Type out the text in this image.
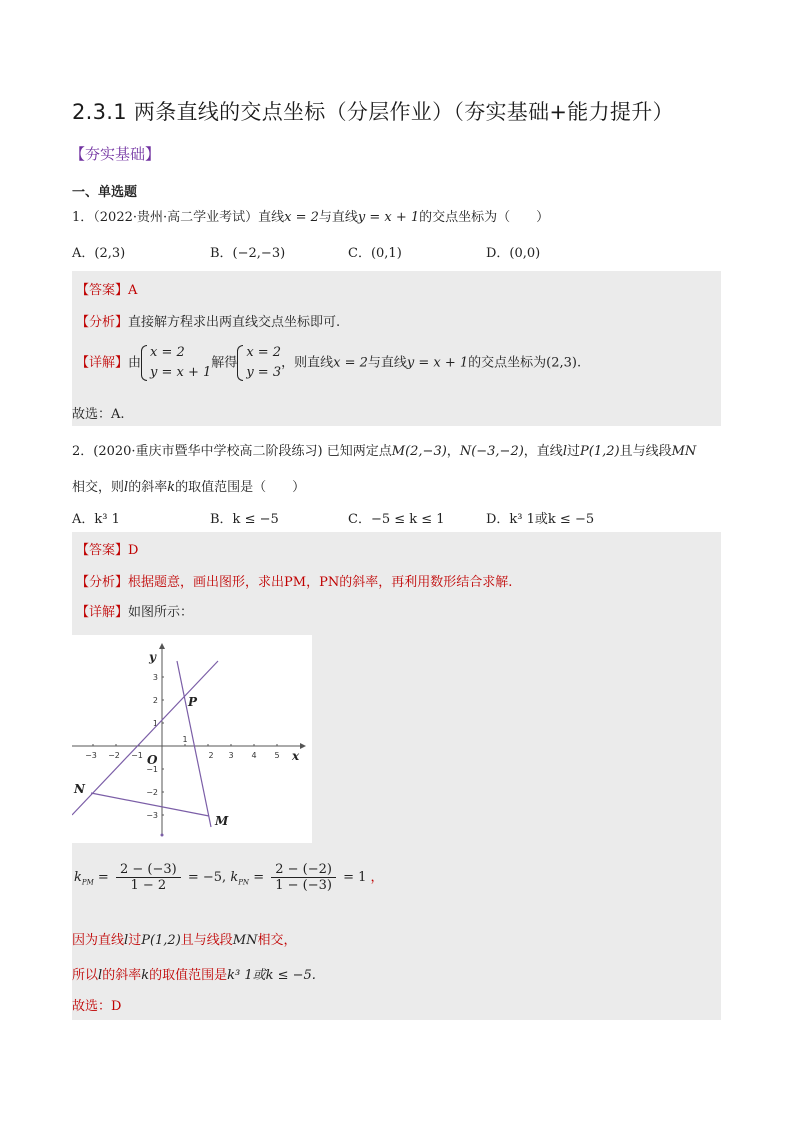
2.3.1 两条直线的交点坐标（分层作业）（夯实基础+能力提升）
【夯实基础】
一、单选题
1．（2022·贵州·高二学业考试）直线x = 2与直线y = x + 1的交点坐标为（　　）
A．(2,3)	B．(−2,−3)	C．(0,1)	D．(0,0)
【答案】A
【分析】直接解方程求出两直线交点坐标即可.
【详解】由
x = 2
y = x + 1
解得
x = 2
y = 3
，则直线x = 2与直线y = x + 1的交点坐标为(2,3).
故选：A.
2．(2020·重庆市暨华中学校高二阶段练习) 已知两定点M(2,−3)，N(−3,−2)，直线l过P(1,2)且与线段MN
相交，则l的斜率k的取值范围是（　　）
A．k³ 1	B．k ≤ −5	C．−5 ≤ k ≤ 1	D．k³ 1或k ≤ −5
【答案】D
【分析】根据题意，画出图形，求出PM，PN的斜率，再利用数形结合求解.
【详解】如图所示：
−3 −2 −1
1
2 3 4 5
3
2
1
−1
−2
−3
P
M
N
y
x
O
$k_{PM} = \frac{2 - (-3)}{1 - 2} = -5$, $k_{PN} = \frac{2 - (-2)}{1 - (-3)} = 1$ ，
因为直线l过P(1,2)且与线段MN相交，
所以l的斜率k的取值范围是k³ 1或k ≤ −5.
故选：D
